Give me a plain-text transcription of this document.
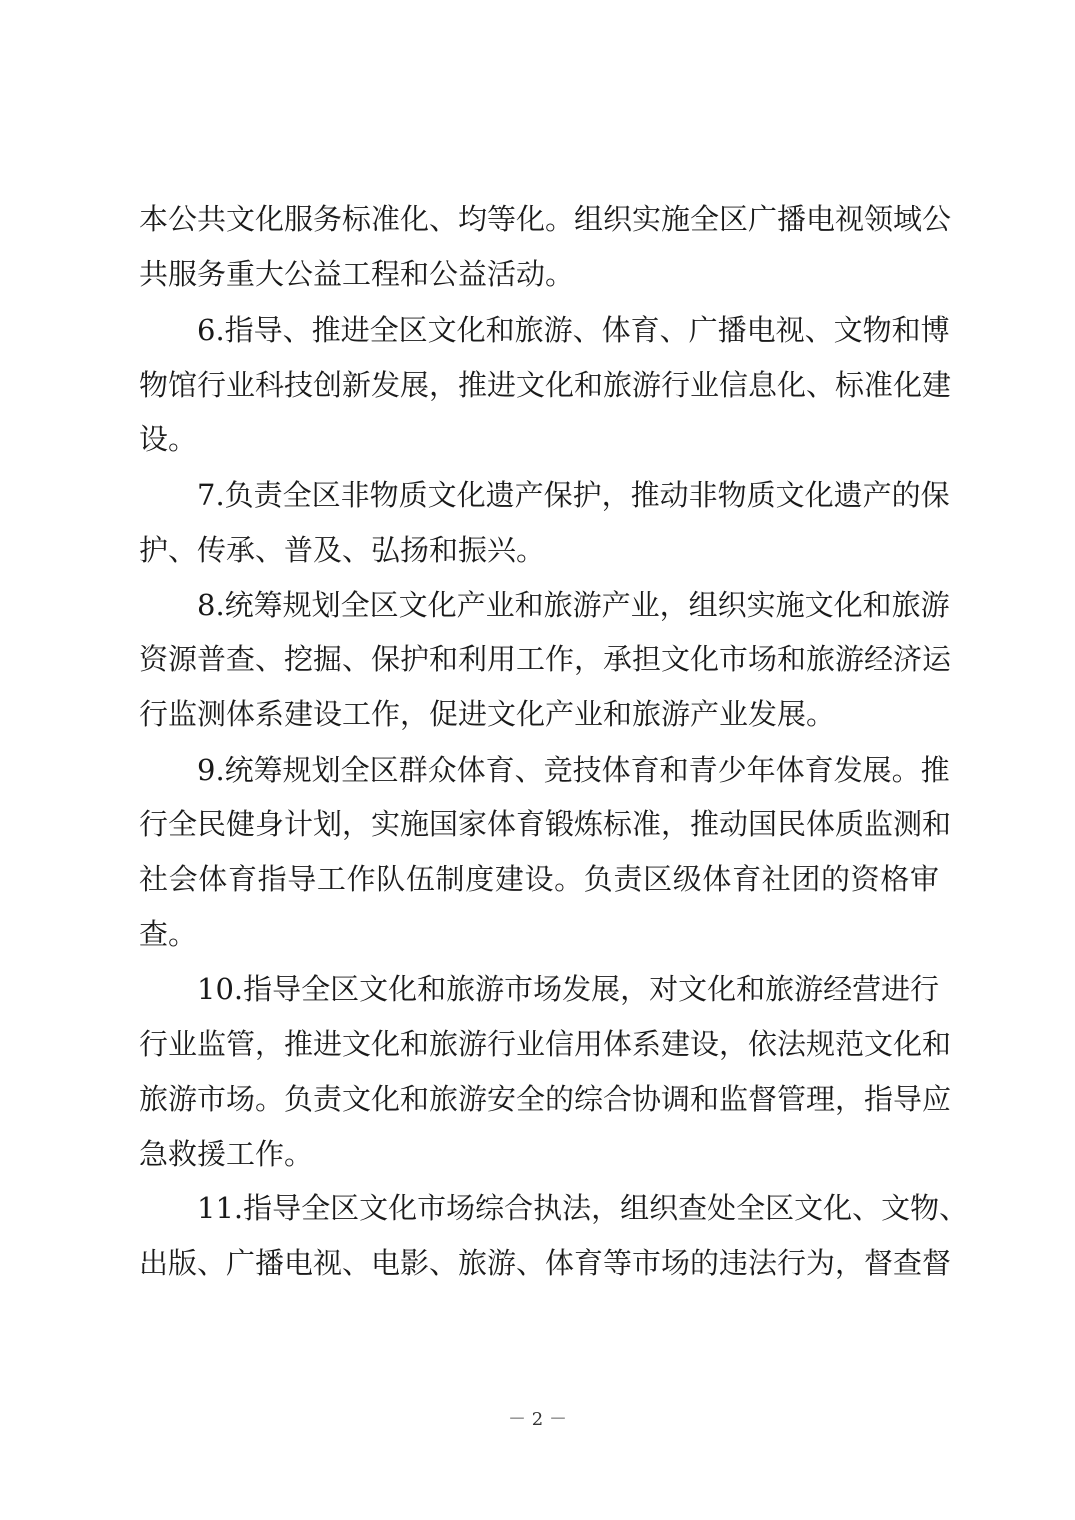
本公共文化服务标准化、均等化。组织实施全区广播电视领域公
共服务重大公益工程和公益活动。
6.指导、推进全区文化和旅游、体育、广播电视、文物和博
物馆行业科技创新发展，推进文化和旅游行业信息化、标准化建
设。
7.负责全区非物质文化遗产保护，推动非物质文化遗产的保
护、传承、普及、弘扬和振兴。
8.统筹规划全区文化产业和旅游产业，组织实施文化和旅游
资源普查、挖掘、保护和利用工作，承担文化市场和旅游经济运
行监测体系建设工作，促进文化产业和旅游产业发展。
9.统筹规划全区群众体育、竞技体育和青少年体育发展。推
行全民健身计划，实施国家体育锻炼标准，推动国民体质监测和
社会体育指导工作队伍制度建设。负责区级体育社团的资格审
查。
10.指导全区文化和旅游市场发展，对文化和旅游经营进行
行业监管，推进文化和旅游行业信用体系建设，依法规范文化和
旅游市场。负责文化和旅游安全的综合协调和监督管理，指导应
急救援工作。
11.指导全区文化市场综合执法，组织查处全区文化、文物、
出版、广播电视、电影、旅游、体育等市场的违法行为，督查督
－ 2 －
